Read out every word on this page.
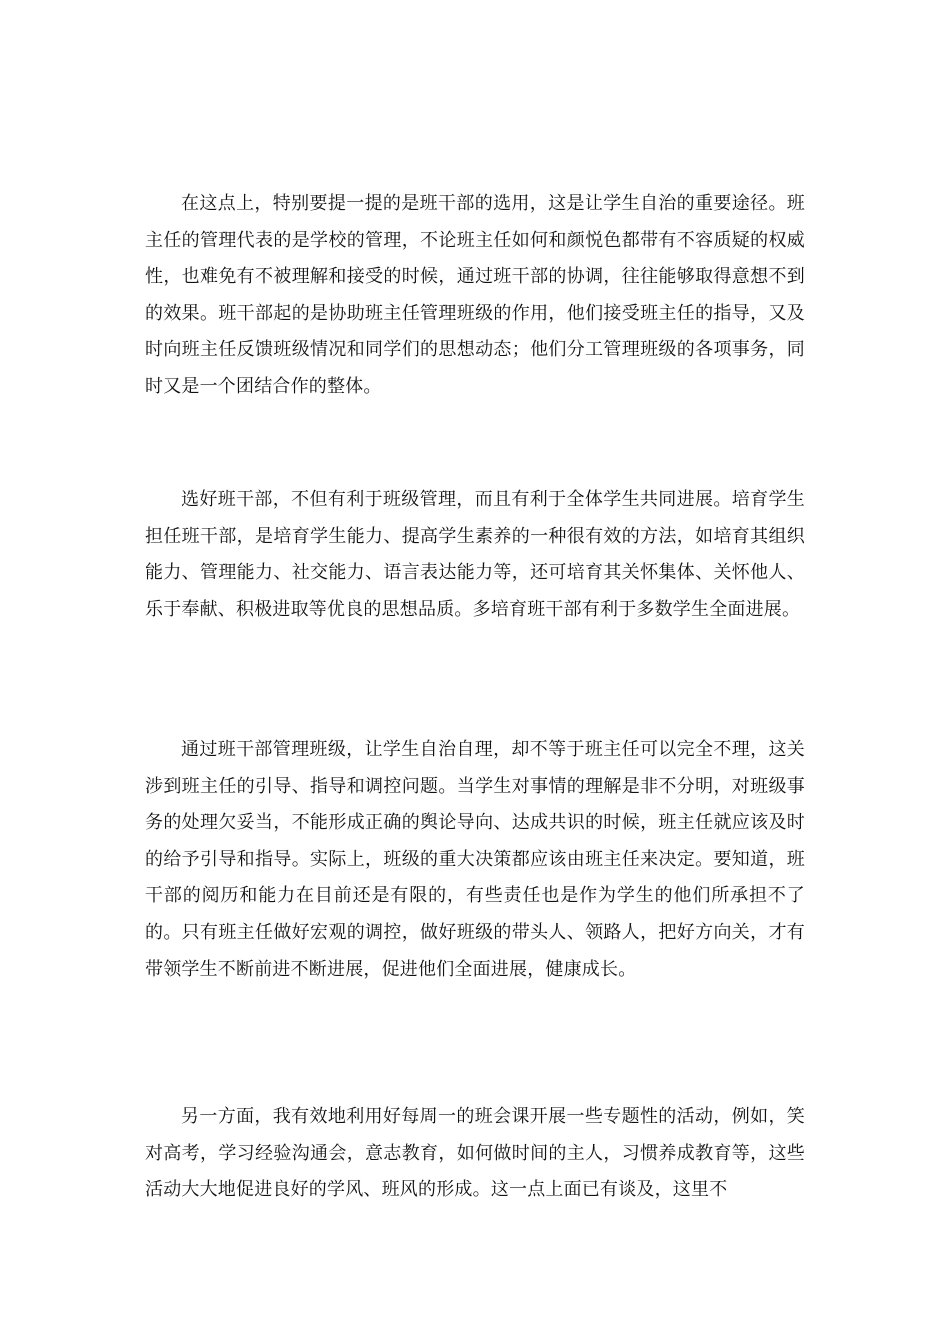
在这点上，特别要提一提的是班干部的选用，这是让学生自治的重要途径。班主任的管理代表的是学校的管理，不论班主任如何和颜悦色都带有不容质疑的权威性，也难免有不被理解和接受的时候，通过班干部的协调，往往能够取得意想不到的效果。班干部起的是协助班主任管理班级的作用，他们接受班主任的指导，又及时向班主任反馈班级情况和同学们的思想动态；他们分工管理班级的各项事务，同时又是一个团结合作的整体。

选好班干部，不但有利于班级管理，而且有利于全体学生共同进展。培育学生担任班干部，是培育学生能力、提高学生素养的一种很有效的方法，如培育其组织能力、管理能力、社交能力、语言表达能力等，还可培育其关怀集体、关怀他人、乐于奉献、积极进取等优良的思想品质。多培育班干部有利于多数学生全面进展。

通过班干部管理班级，让学生自治自理，却不等于班主任可以完全不理，这关涉到班主任的引导、指导和调控问题。当学生对事情的理解是非不分明，对班级事务的处理欠妥当，不能形成正确的舆论导向、达成共识的时候，班主任就应该及时的给予引导和指导。实际上，班级的重大决策都应该由班主任来决定。要知道，班干部的阅历和能力在目前还是有限的，有些责任也是作为学生的他们所承担不了的。只有班主任做好宏观的调控，做好班级的带头人、领路人，把好方向关，才有带领学生不断前进不断进展，促进他们全面进展，健康成长。

另一方面，我有效地利用好每周一的班会课开展一些专题性的活动，例如，笑对高考，学习经验沟通会，意志教育，如何做时间的主人，习惯养成教育等，这些活动大大地促进良好的学风、班风的形成。这一点上面已有谈及，这里不
